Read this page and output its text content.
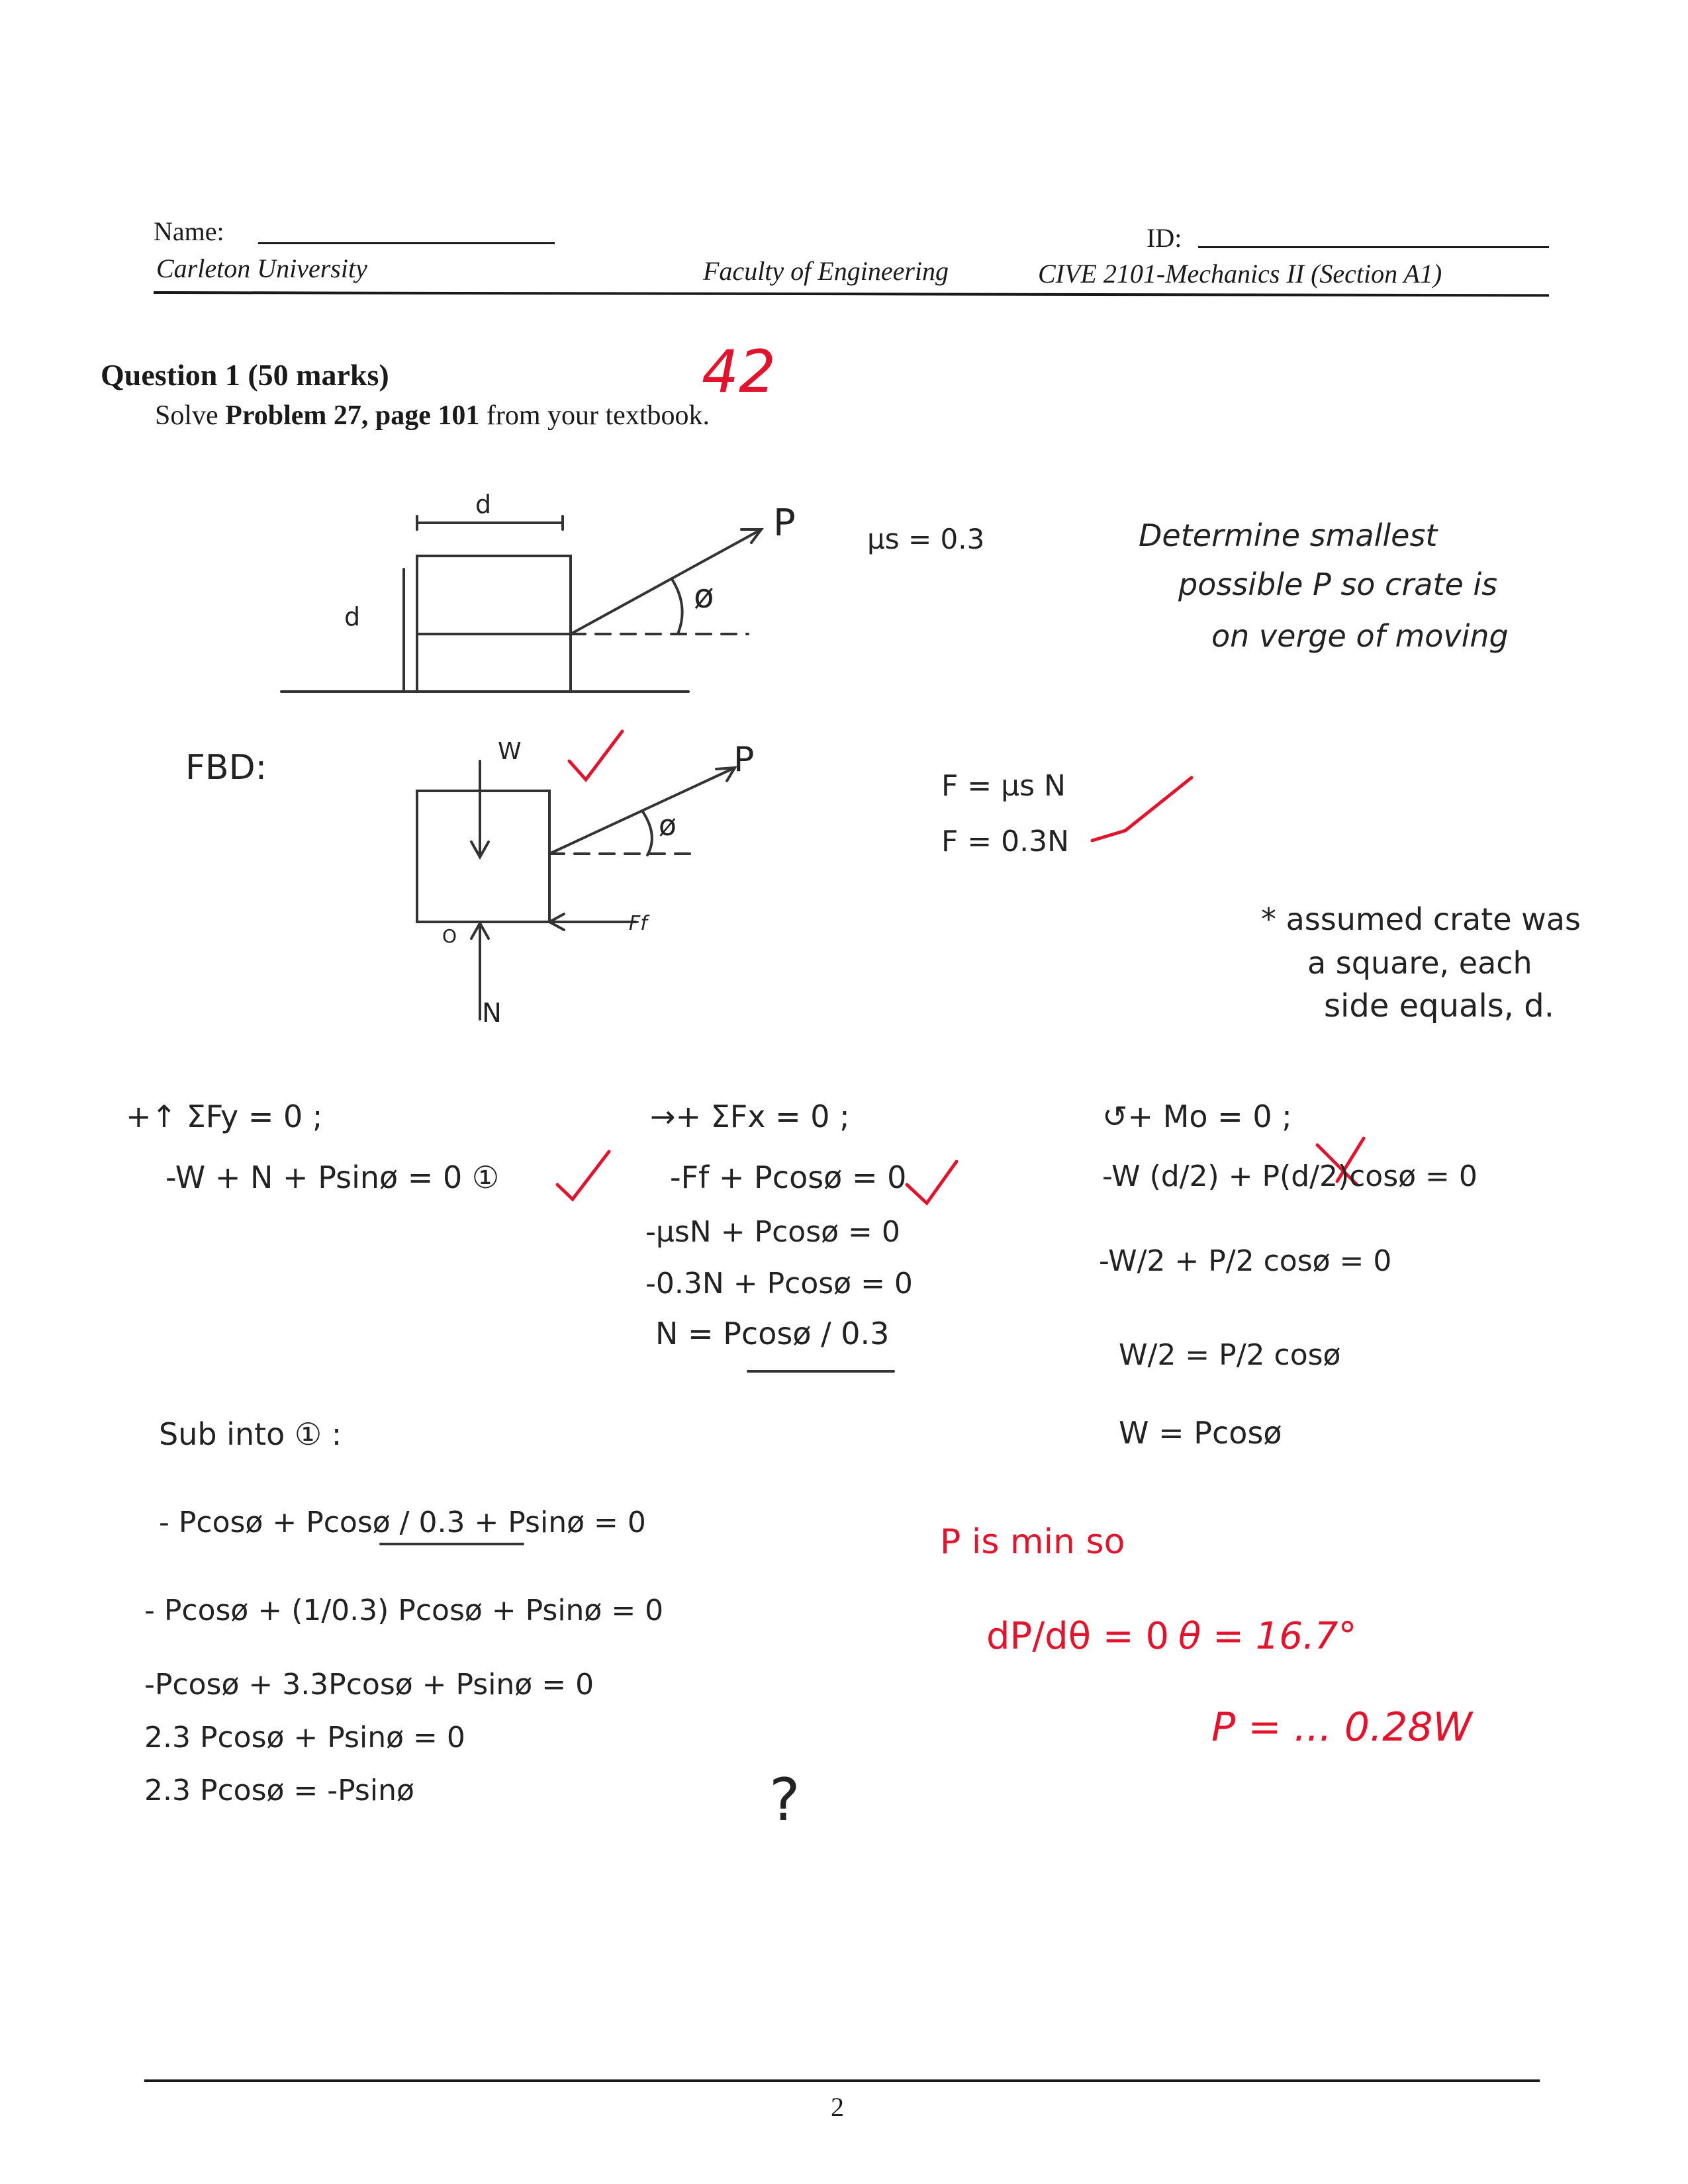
Name:
Carleton University	Faculty of Engineering
ID:
CIVE 2101-Mechanics II (Section A1)
42
Question 1 (50 marks)
Solve Problem 27, page 101 from your textbook.
d
d
P
ø
FBD:	W	P
ø
Ff
O
N
μs = 0.3	Determine smallest
possible P so crate is
on verge of moving
F = μs N
F = 0.3N
* assumed crate was
a square, each
side equals, d.
+↑ ΣFy = 0 ;
-W + N + Psinø = 0 ①
→+ ΣFx = 0 ;
-Ff + Pcosø = 0
-μsN + Pcosø = 0
-0.3N + Pcosø = 0
N = Pcosø / 0.3
↺+ Mo = 0 ;
-W (d/2) + P(d/2)cosø = 0
-W/2 + P/2 cosø = 0
W/2 = P/2 cosø
W = Pcosø
Sub into ① :
- Pcosø + Pcosø / 0.3 + Psinø = 0
- Pcosø + (1/0.3) Pcosø + Psinø = 0
-Pcosø + 3.3Pcosø + Psinø = 0
2.3 Pcosø + Psinø = 0
2.3 Pcosø = -Psinø	?
P is min so
dP/dθ = 0 θ = 16.7°
P = ... 0.28W
2
